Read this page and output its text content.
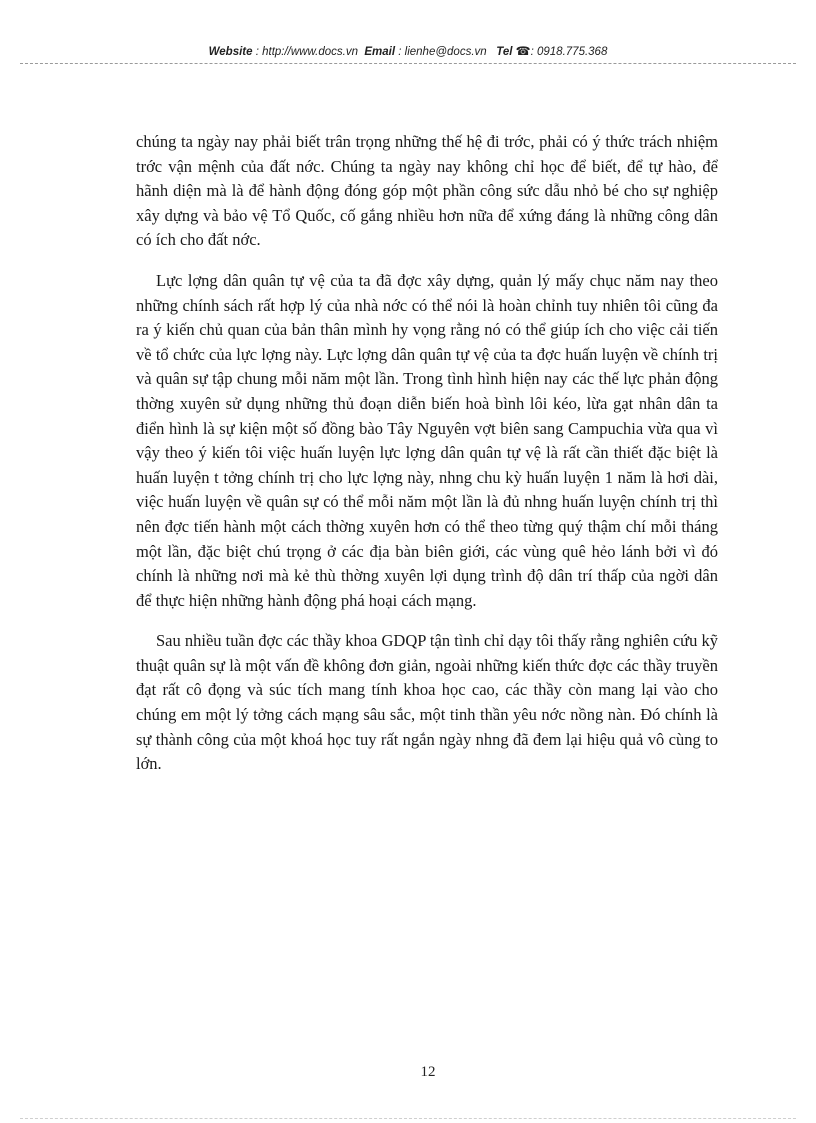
Website : http://www.docs.vn Email : lienhe@docs.vn Tel ☎: 0918.775.368

chúng ta ngày nay phải biết trân trọng những thế hệ đi trớc, phải có ý thức trách nhiệm trớc vận mệnh của đất nớc. Chúng ta ngày nay không chỉ học để biết, để tự hào, để hãnh diện mà là để hành động đóng góp một phần công sức dẫu nhỏ bé cho sự nghiệp xây dựng và bảo vệ Tổ Quốc, cố gắng nhiều hơn nữa để xứng đáng là những công dân có ích cho đất nớc.

Lực lợng dân quân tự vệ của ta đã đợc xây dựng, quản lý mấy chục năm nay theo những chính sách rất hợp lý của nhà nớc có thể nói là hoàn chỉnh tuy nhiên tôi cũng đa ra ý kiến chủ quan của bản thân mình hy vọng rằng nó có thể giúp ích cho việc cải tiến về tổ chức của lực lợng này. Lực lợng dân quân tự vệ của ta đợc huấn luyện về chính trị và quân sự tập chung mỗi năm một lần. Trong tình hình hiện nay các thế lực phản động thờng xuyên sử dụng những thủ đoạn diễn biến hoà bình lôi kéo, lừa gạt nhân dân ta điển hình là sự kiện một số đồng bào Tây Nguyên vợt biên sang Campuchia vừa qua vì vậy theo ý kiến tôi việc huấn luyện lực lợng dân quân tự vệ là rất cần thiết đặc biệt là huấn luyện t tởng chính trị cho lực lợng này, nhng chu kỳ huấn luyện 1 năm là hơi dài, việc huấn luyện về quân sự có thể mỗi năm một lần là đủ nhng huấn luyện chính trị thì nên đợc tiến hành một cách thờng xuyên hơn có thể theo từng quý thậm chí mỗi tháng một lần, đặc biệt chú trọng ở các địa bàn biên giới, các vùng quê hẻo lánh bởi vì đó chính là những nơi mà kẻ thù thờng xuyên lợi dụng trình độ dân trí thấp của ngời dân để thực hiện những hành động phá hoại cách mạng.

Sau nhiều tuần đợc các thầy khoa GDQP tận tình chỉ dạy tôi thấy rằng nghiên cứu kỹ thuật quân sự là một vấn đề không đơn giản, ngoài những kiến thức đợc các thầy truyền đạt rất cô đọng và súc tích mang tính khoa học cao, các thầy còn mang lại vào cho chúng em một lý tởng cách mạng sâu sắc, một tinh thần yêu nớc nồng nàn. Đó chính là sự thành công của một khoá học tuy rất ngắn ngày nhng đã đem lại hiệu quả vô cùng to lớn.

12
